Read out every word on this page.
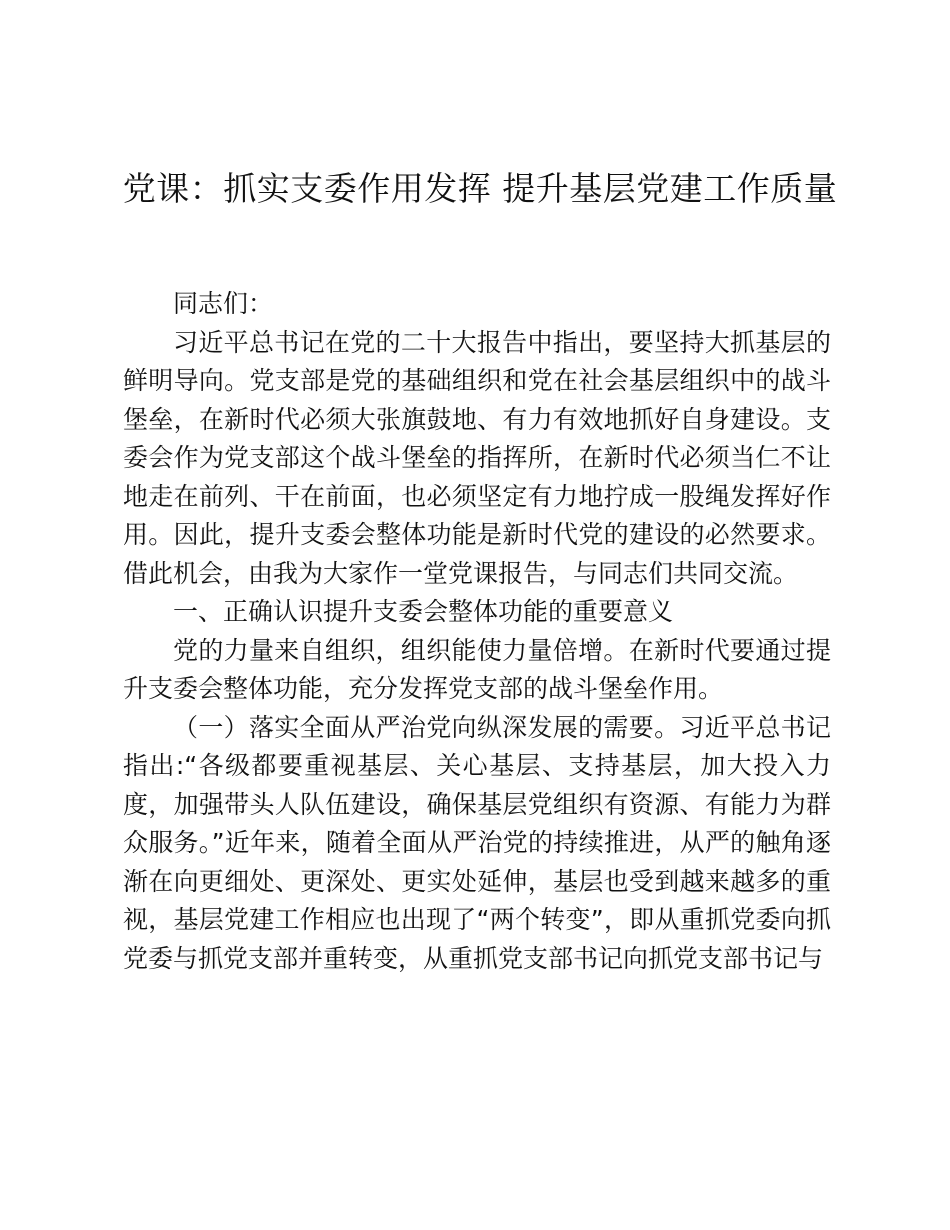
党课：抓实支委作用发挥 提升基层党建工作质量

同志们：

习近平总书记在党的二十大报告中指出，要坚持大抓基层的鲜明导向。党支部是党的基础组织和党在社会基层组织中的战斗堡垒，在新时代必须大张旗鼓地、有力有效地抓好自身建设。支委会作为党支部这个战斗堡垒的指挥所，在新时代必须当仁不让地走在前列、干在前面，也必须坚定有力地拧成一股绳发挥好作用。因此，提升支委会整体功能是新时代党的建设的必然要求。借此机会，由我为大家作一堂党课报告，与同志们共同交流。

一、正确认识提升支委会整体功能的重要意义

党的力量来自组织，组织能使力量倍增。在新时代要通过提升支委会整体功能，充分发挥党支部的战斗堡垒作用。

（一）落实全面从严治党向纵深发展的需要。习近平总书记指出:“各级都要重视基层、关心基层、支持基层，加大投入力度，加强带头人队伍建设，确保基层党组织有资源、有能力为群众服务。”近年来，随着全面从严治党的持续推进，从严的触角逐渐在向更细处、更深处、更实处延伸，基层也受到越来越多的重视，基层党建工作相应也出现了“两个转变”，即从重抓党委向抓党委与抓党支部并重转变，从重抓党支部书记向抓党支部书记与
